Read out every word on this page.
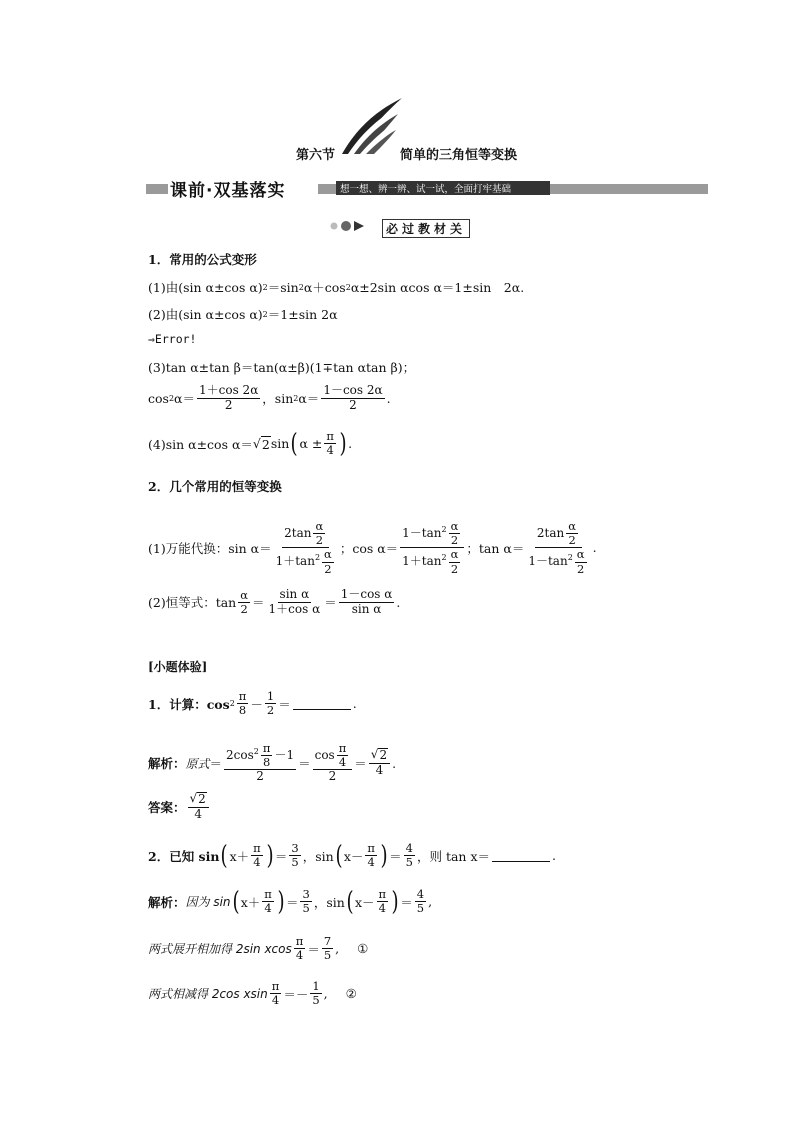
第六节	简单的三角恒等变换
课前·双基落实	想一想、辨一辨、试一试，全面打牢基础
必过教材关
1．常用的公式变形
(1)由(sin α±cos α) 2 ＝sin 2 α＋cos 2 α±2sin αcos α＝1±sin　2α.
(2)由(sin α±cos α) 2 ＝1±sin 2α
⇒Error!
(3)tan α±tan β＝tan(α±β)(1∓tan αtan β)；
cos 2 $\alpha= \frac{1+\cos 2\alpha}{2}$ ，sin 2 $\alpha= \frac{1-\cos 2\alpha}{2}$ .
(4)sin α±cos α＝ √ 2 sin ( $\alpha \pm \frac{\pi}{4}$ ) .
2．几个常用的恒等变换
(1)万能代换：$\sin \alpha= \frac{2\tan \frac{\alpha}{2}}{1+\tan^2 \frac{\alpha}{2}}$ ；$\cos \alpha= \frac{1-\tan^2 \frac{\alpha}{2}}{1+\tan^2 \frac{\alpha}{2}}$ ；$\tan \alpha= \frac{2\tan \frac{\alpha}{2}}{1-\tan^2 \frac{\alpha}{2}}$ .
(2)恒等式：$\tan \frac{\alpha}{2} = \frac{\text{sin α}}{\text{1＋cos α}} = \frac{\text{1－cos α}}{\text{sin α}}$ .
[小题体验]
1．计算：$\cos 2 \frac{\pi}{8} - \frac{1}{2}$ ＝	.
解析： 原式 ＝ $\frac{2\cos^2 \frac{\pi}{8} -1}{2} = \frac{\cos \frac{\pi}{4}}{2} = \frac{√ 2}{4}$ .
答案： $\frac{√ 2}{4}$
2．已知 sin ( $x+ \frac{\pi}{4}$ ) ＝ $\frac{3}{5}$ ，sin ( $x- \frac{\pi}{4}$ ) ＝ $\frac{4}{5}$ ，则 tan x＝	.
解析： 因为 sin ( $x+ \frac{\pi}{4}$ ) ＝ $\frac{3}{5}$ ，sin ( $x- \frac{\pi}{4}$ ) ＝ $\frac{4}{5}$ ,
两式展开相加得 2sin xcos $\frac{\pi}{4} = \frac{7}{5}$ , ①
两式相减得 2cos xsin $\frac{\pi}{4} =- \frac{1}{5}$ , ②
